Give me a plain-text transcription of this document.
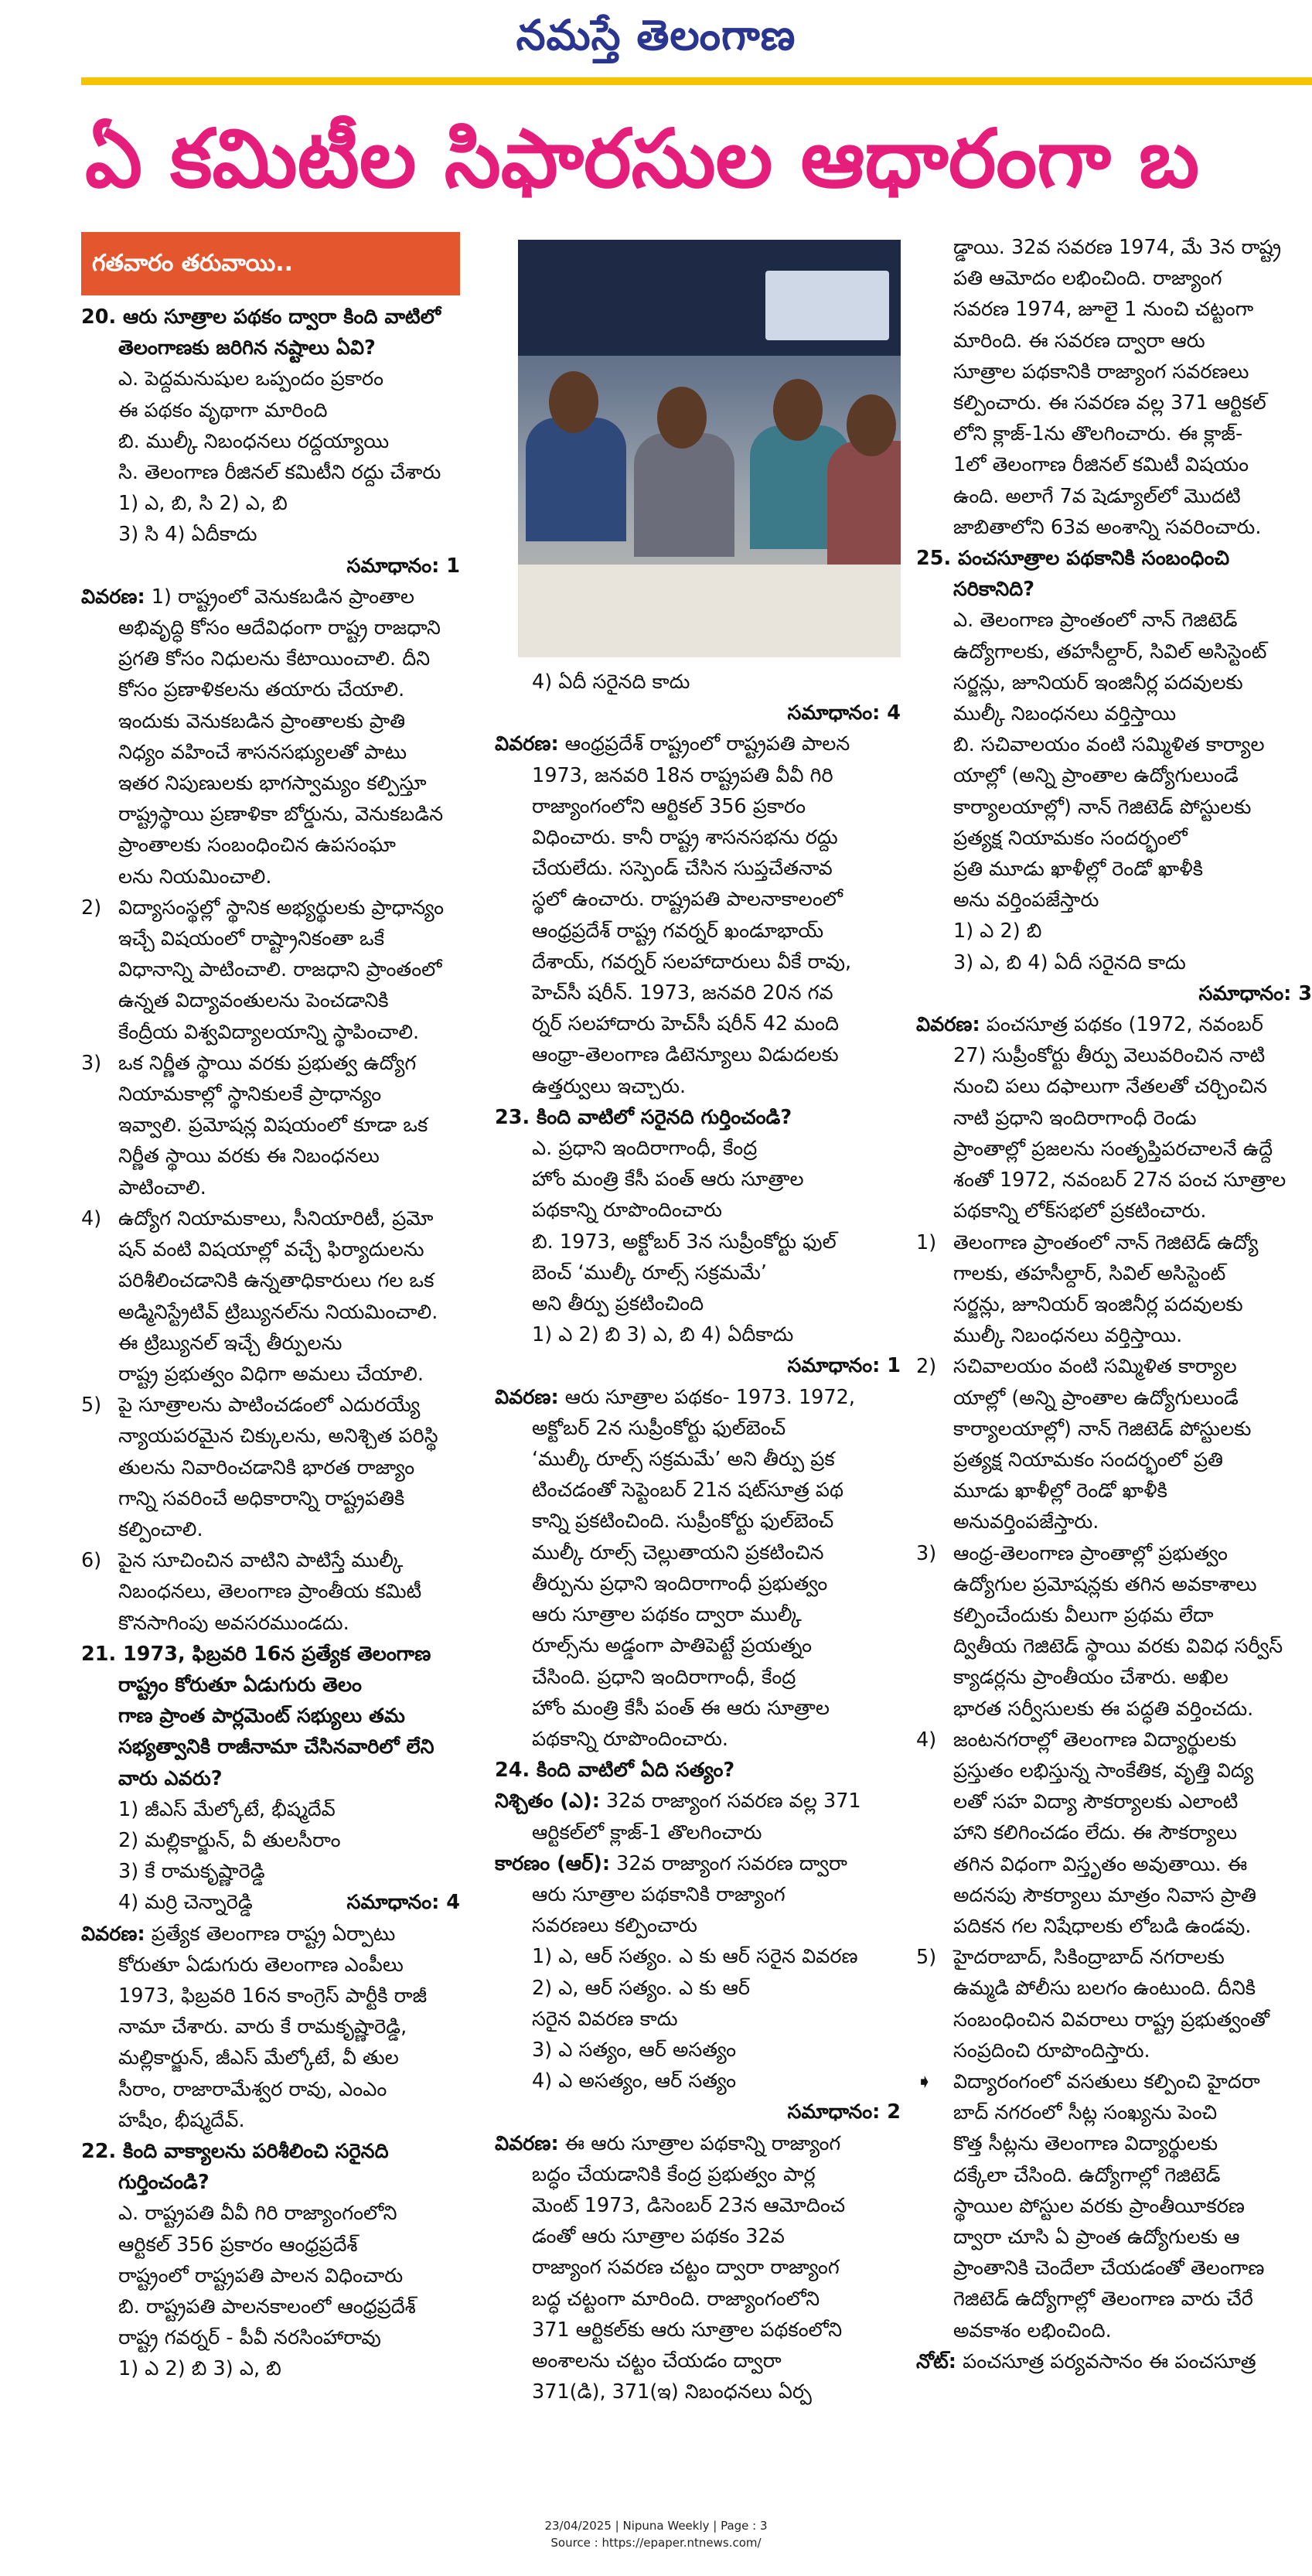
నమస్తే తెలంగాణ
ఏ కమిటీల సిఫారసుల ఆధారంగా బ
గతవారం తరువాయి..
20. ఆరు సూత్రాల పథకం ద్వారా కింది వాటిలో
తెలంగాణకు జరిగిన నష్టాలు ఏవి?
ఎ. పెద్దమనుషుల ఒప్పందం ప్రకారం
ఈ పథకం వృథాగా మారింది
బి. ముల్కీ నిబంధనలు రద్దయ్యాయి
సి. తెలంగాణ రీజినల్ కమిటీని రద్దు చేశారు
1) ఎ, బి, సి 2) ఎ, బి
3) సి 4) ఏదీకాదు
సమాధానం: 1
వివరణ: 1) రాష్ట్రంలో వెనుకబడిన ప్రాంతాల
అభివృద్ధి కోసం ఆదేవిధంగా రాష్ట్ర రాజధాని
ప్రగతి కోసం నిధులను కేటాయించాలి. దీని
కోసం ప్రణాళికలను తయారు చేయాలి.
ఇందుకు వెనుకబడిన ప్రాంతాలకు ప్రాతి
నిధ్యం వహించే శాసనసభ్యులతో పాటు
ఇతర నిపుణులకు భాగస్వామ్యం కల్పిస్తూ
రాష్ట్రస్థాయి ప్రణాళికా బోర్డును, వెనుకబడిన
ప్రాంతాలకు సంబంధించిన ఉపసంఘా
లను నియమించాలి.
2) విద్యాసంస్థల్లో స్థానిక అభ్యర్థులకు ప్రాధాన్యం
ఇచ్చే విషయంలో రాష్ట్రానికంతా ఒకే
విధానాన్ని పాటించాలి. రాజధాని ప్రాంతంలో
ఉన్నత విద్యావంతులను పెంచడానికి
కేంద్రీయ విశ్వవిద్యాలయాన్ని స్థాపించాలి.
3) ఒక నిర్ణీత స్థాయి వరకు ప్రభుత్వ ఉద్యోగ
నియామకాల్లో స్థానికులకే ప్రాధాన్యం
ఇవ్వాలి. ప్రమోషన్ల విషయంలో కూడా ఒక
నిర్ణీత స్థాయి వరకు ఈ నిబంధనలు
పాటించాలి.
4) ఉద్యోగ నియామకాలు, సీనియారిటీ, ప్రమో
షన్ వంటి విషయాల్లో వచ్చే ఫిర్యాదులను
పరిశీలించడానికి ఉన్నతాధికారులు గల ఒక
అడ్మినిస్ట్రేటివ్ ట్రిబ్యునల్‌ను నియమించాలి.
ఈ ట్రిబ్యునల్ ఇచ్చే తీర్పులను
రాష్ట్ర ప్రభుత్వం విధిగా అమలు చేయాలి.
5) పై సూత్రాలను పాటించడంలో ఎదురయ్యే
న్యాయపరమైన చిక్కులను, అనిశ్చిత పరిస్థి
తులను నివారించడానికి భారత రాజ్యాం
గాన్ని సవరించే అధికారాన్ని రాష్ట్రపతికి
కల్పించాలి.
6) పైన సూచించిన వాటిని పాటిస్తే ముల్కీ
నిబంధనలు, తెలంగాణ ప్రాంతీయ కమిటీ
కొనసాగింపు అవసరముండదు.
21. 1973, ఫిబ్రవరి 16న ప్రత్యేక తెలంగాణ
రాష్ట్రం కోరుతూ ఏడుగురు తెలం
గాణ ప్రాంత పార్లమెంట్ సభ్యులు తమ
సభ్యత్వానికి రాజీనామా చేసినవారిలో లేని
వారు ఎవరు?
1) జీఎస్ మేల్కోటే, భీష్మదేవ్
2) మల్లికార్జున్, వీ తులసీరాం
3) కే రామకృష్ణారెడ్డి
4) మర్రి చెన్నారెడ్డి	సమాధానం: 4
వివరణ: ప్రత్యేక తెలంగాణ రాష్ట్ర ఏర్పాటు
కోరుతూ ఏడుగురు తెలంగాణ ఎంపీలు
1973, ఫిబ్రవరి 16న కాంగ్రెస్ పార్టీకి రాజీ
నామా చేశారు. వారు కే రామకృష్ణారెడ్డి,
మల్లికార్జున్, జీఎస్ మేల్కోటే, వీ తుల
సీరాం, రాజారామేశ్వర రావు, ఎంఎం
హషీం, భీష్మదేవ్.
22. కింది వాక్యాలను పరిశీలించి సరైనది
గుర్తించండి?
ఎ. రాష్ట్రపతి వీవీ గిరి రాజ్యాంగంలోని
ఆర్టికల్ 356 ప్రకారం ఆంధ్రప్రదేశ్
రాష్ట్రంలో రాష్ట్రపతి పాలన విధించారు
బి. రాష్ట్రపతి పాలనకాలంలో ఆంధ్రప్రదేశ్
రాష్ట్ర గవర్నర్ - పీవీ నరసింహారావు
1) ఎ 2) బి 3) ఎ, బి
4) ఏదీ సరైనది కాదు
సమాధానం: 4
వివరణ: ఆంధ్రప్రదేశ్ రాష్ట్రంలో రాష్ట్రపతి పాలన
1973, జనవరి 18న రాష్ట్రపతి వీవీ గిరి
రాజ్యాంగంలోని ఆర్టికల్ 356 ప్రకారం
విధించారు. కానీ రాష్ట్ర శాసనసభను రద్దు
చేయలేదు. సస్పెండ్ చేసిన సుప్తచేతనావ
స్థలో ఉంచారు. రాష్ట్రపతి పాలనాకాలంలో
ఆంధ్రప్రదేశ్ రాష్ట్ర గవర్నర్ ఖండూభాయ్
దేశాయ్, గవర్నర్ సలహాదారులు వీకే రావు,
హెచ్‌సీ షరీన్. 1973, జనవరి 20న గవ
ర్నర్ సలహాదారు హెచ్‌సీ షరీన్ 42 మంది
ఆంధ్రా-తెలంగాణ డిటెన్యూలు విడుదలకు
ఉత్తర్వులు ఇచ్చారు.
23. కింది వాటిలో సరైనది గుర్తించండి?
ఎ. ప్రధాని ఇందిరాగాంధీ, కేంద్ర
హోం మంత్రి కేసీ పంత్ ఆరు సూత్రాల
పథకాన్ని రూపొందించారు
బి. 1973, అక్టోబర్ 3న సుప్రీంకోర్టు ఫుల్
బెంచ్ ‘ముల్కీ రూల్స్ సక్రమమే’
అని తీర్పు ప్రకటించింది
1) ఎ 2) బి 3) ఎ, బి 4) ఏదీకాదు
సమాధానం: 1
వివరణ: ఆరు సూత్రాల పథకం- 1973. 1972,
అక్టోబర్ 2న సుప్రీంకోర్టు ఫుల్‌బెంచ్
‘ముల్కీ రూల్స్ సక్రమమే’ అని తీర్పు ప్రక
టించడంతో సెప్టెంబర్ 21న షట్‌సూత్ర పథ
కాన్ని ప్రకటించింది. సుప్రీంకోర్టు ఫుల్‌బెంచ్
ముల్కీ రూల్స్ చెల్లుతాయని ప్రకటించిన
తీర్పును ప్రధాని ఇందిరాగాంధీ ప్రభుత్వం
ఆరు సూత్రాల పథకం ద్వారా ముల్కీ
రూల్స్‌ను అడ్డంగా పాతిపెట్టే ప్రయత్నం
చేసింది. ప్రధాని ఇందిరాగాంధీ, కేంద్ర
హోం మంత్రి కేసీ పంత్ ఈ ఆరు సూత్రాల
పథకాన్ని రూపొందించారు.
24. కింది వాటిలో ఏది సత్యం?
నిశ్చితం (ఎ): 32వ రాజ్యాంగ సవరణ వల్ల 371
ఆర్టికల్‌లో క్లాజ్-1 తొలగించారు
కారణం (ఆర్): 32వ రాజ్యాంగ సవరణ ద్వారా
ఆరు సూత్రాల పథకానికి రాజ్యాంగ
సవరణలు కల్పించారు
1) ఎ, ఆర్ సత్యం. ఎ కు ఆర్ సరైన వివరణ
2) ఎ, ఆర్ సత్యం. ఎ కు ఆర్
సరైన వివరణ కాదు
3) ఎ సత్యం, ఆర్ అసత్యం
4) ఎ అసత్యం, ఆర్ సత్యం
సమాధానం: 2
వివరణ: ఈ ఆరు సూత్రాల పథకాన్ని రాజ్యాంగ
బద్ధం చేయడానికి కేంద్ర ప్రభుత్వం పార్ల
మెంట్ 1973, డిసెంబర్ 23న ఆమోదించ
డంతో ఆరు సూత్రాల పథకం 32వ
రాజ్యాంగ సవరణ చట్టం ద్వారా రాజ్యాంగ
బద్ధ చట్టంగా మారింది. రాజ్యాంగంలోని
371 ఆర్టికల్‌కు ఆరు సూత్రాల పథకంలోని
అంశాలను చట్టం చేయడం ద్వారా
371(డి), 371(ఇ) నిబంధనలు ఏర్ప
డ్డాయి. 32వ సవరణ 1974, మే 3న రాష్ట్ర
పతి ఆమోదం లభించింది. రాజ్యాంగ
సవరణ 1974, జూలై 1 నుంచి చట్టంగా
మారింది. ఈ సవరణ ద్వారా ఆరు
సూత్రాల పథకానికి రాజ్యాంగ సవరణలు
కల్పించారు. ఈ సవరణ వల్ల 371 ఆర్టికల్
లోని క్లాజ్-1ను తొలగించారు. ఈ క్లాజ్-
1లో తెలంగాణ రీజినల్ కమిటీ విషయం
ఉంది. అలాగే 7వ షెడ్యూల్‌లో మొదటి
జాబితాలోని 63వ అంశాన్ని సవరించారు.
25. పంచసూత్రాల పథకానికి సంబంధించి
సరికానిది?
ఎ. తెలంగాణ ప్రాంతంలో నాన్ గెజిటెడ్
ఉద్యోగాలకు, తహసీల్దార్, సివిల్ అసిస్టెంట్
సర్జన్లు, జూనియర్ ఇంజినీర్ల పదవులకు
ముల్కీ నిబంధనలు వర్తిస్తాయి
బి. సచివాలయం వంటి సమ్మిళిత కార్యాల
యాల్లో (అన్ని ప్రాంతాల ఉద్యోగులుండే
కార్యాలయాల్లో) నాన్ గెజిటెడ్ పోస్టులకు
ప్రత్యక్ష నియామకం సందర్భంలో
ప్రతి మూడు ఖాళీల్లో రెండో ఖాళీకి
అను వర్తింపజేస్తారు
1) ఎ 2) బి
3) ఎ, బి 4) ఏదీ సరైనది కాదు
సమాధానం: 3
వివరణ: పంచసూత్ర పథకం (1972, నవంబర్
27) సుప్రీంకోర్టు తీర్పు వెలువరించిన నాటి
నుంచి పలు దఫాలుగా నేతలతో చర్చించిన
నాటి ప్రధాని ఇందిరాగాంధీ రెండు
ప్రాంతాల్లో ప్రజలను సంతృప్తిపరచాలనే ఉద్దే
శంతో 1972, నవంబర్ 27న పంచ సూత్రాల
పథకాన్ని లోక్‌సభలో ప్రకటించారు.
1) తెలంగాణ ప్రాంతంలో నాన్ గెజిటెడ్ ఉద్యో
గాలకు, తహసీల్దార్, సివిల్ అసిస్టెంట్
సర్జన్లు, జూనియర్ ఇంజినీర్ల పదవులకు
ముల్కీ నిబంధనలు వర్తిస్తాయి.
2) సచివాలయం వంటి సమ్మిళిత కార్యాల
యాల్లో (అన్ని ప్రాంతాల ఉద్యోగులుండే
కార్యాలయాల్లో) నాన్ గెజిటెడ్ పోస్టులకు
ప్రత్యక్ష నియామకం సందర్భంలో ప్రతి
మూడు ఖాళీల్లో రెండో ఖాళీకి
అనువర్తింపజేస్తారు.
3) ఆంధ్ర-తెలంగాణ ప్రాంతాల్లో ప్రభుత్వం
ఉద్యోగుల ప్రమోషన్లకు తగిన అవకాశాలు
కల్పించేందుకు వీలుగా ప్రథమ లేదా
ద్వితీయ గెజిటెడ్ స్థాయి వరకు వివిధ సర్వీస్
క్యాడర్లను ప్రాంతీయం చేశారు. అఖిల
భారత సర్వీసులకు ఈ పద్ధతి వర్తించదు.
4) జంటనగరాల్లో తెలంగాణ విద్యార్థులకు
ప్రస్తుతం లభిస్తున్న సాంకేతిక, వృత్తి విద్య
లతో సహ విద్యా సౌకర్యాలకు ఎలాంటి
హాని కలిగించడం లేదు. ఈ సౌకర్యాలు
తగిన విధంగా విస్తృతం అవుతాయి. ఈ
అదనపు సౌకర్యాలు మాత్రం నివాస ప్రాతి
పదికన గల నిషేధాలకు లోబడి ఉండవు.
5) హైదరాబాద్, సికింద్రాబాద్ నగరాలకు
ఉమ్మడి పోలీసు బలగం ఉంటుంది. దీనికి
సంబంధించిన వివరాలు రాష్ట్ర ప్రభుత్వంతో
సంప్రదించి రూపొందిస్తారు.
➧ విద్యారంగంలో వసతులు కల్పించి హైదరా
బాద్ నగరంలో సీట్ల సంఖ్యను పెంచి
కొత్త సీట్లను తెలంగాణ విద్యార్థులకు
దక్కేలా చేసింది. ఉద్యోగాల్లో గెజిటెడ్
స్థాయిల పోస్టుల వరకు ప్రాంతీయీకరణ
ద్వారా చూసి ఏ ప్రాంత ఉద్యోగులకు ఆ
ప్రాంతానికి చెందేలా చేయడంతో తెలంగాణ
గెజిటెడ్ ఉద్యోగాల్లో తెలంగాణ వారు చేరే
అవకాశం లభించింది.
నోట్: పంచసూత్ర పర్యవసానం ఈ పంచసూత్ర
23/04/2025 | Nipuna Weekly | Page : 3
Source : https://epaper.ntnews.com/
